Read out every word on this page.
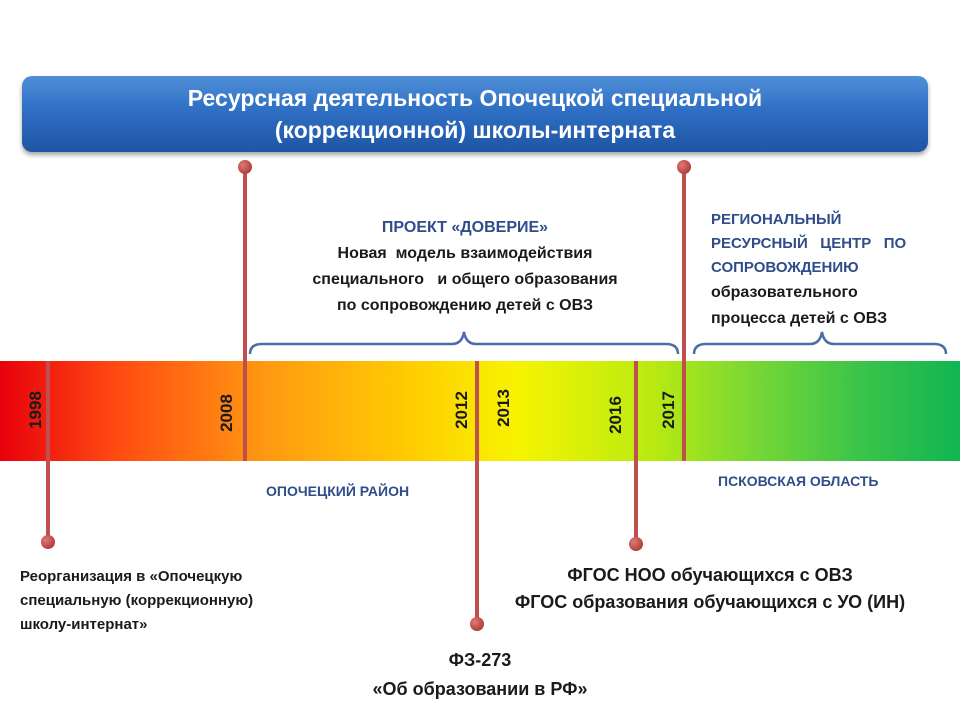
Ресурсная деятельность Опочецкой специальной
(коррекционной) школы-интерната
1998	2008	2012 2013	2016 2017
ПРОЕКТ «ДОВЕРИЕ»
Новая  модель взаимодействия
специального   и общего образования
по сопровождению детей с ОВЗ
РЕГИОНАЛЬНЫЙ
РЕСУРСНЫЙ   ЦЕНТР   ПО
СОПРОВОЖДЕНИЮ
образовательного
процесса детей с ОВЗ
ОПОЧЕЦКИЙ РАЙОН
ПСКОВСКАЯ ОБЛАСТЬ
Реорганизация в «Опочецкую
специальную (коррекционную)
школу-интернат»
ФГОС НОО обучающихся с ОВЗ
ФГОС образования обучающихся с УО (ИН)
ФЗ-273
«Об образовании в РФ»
